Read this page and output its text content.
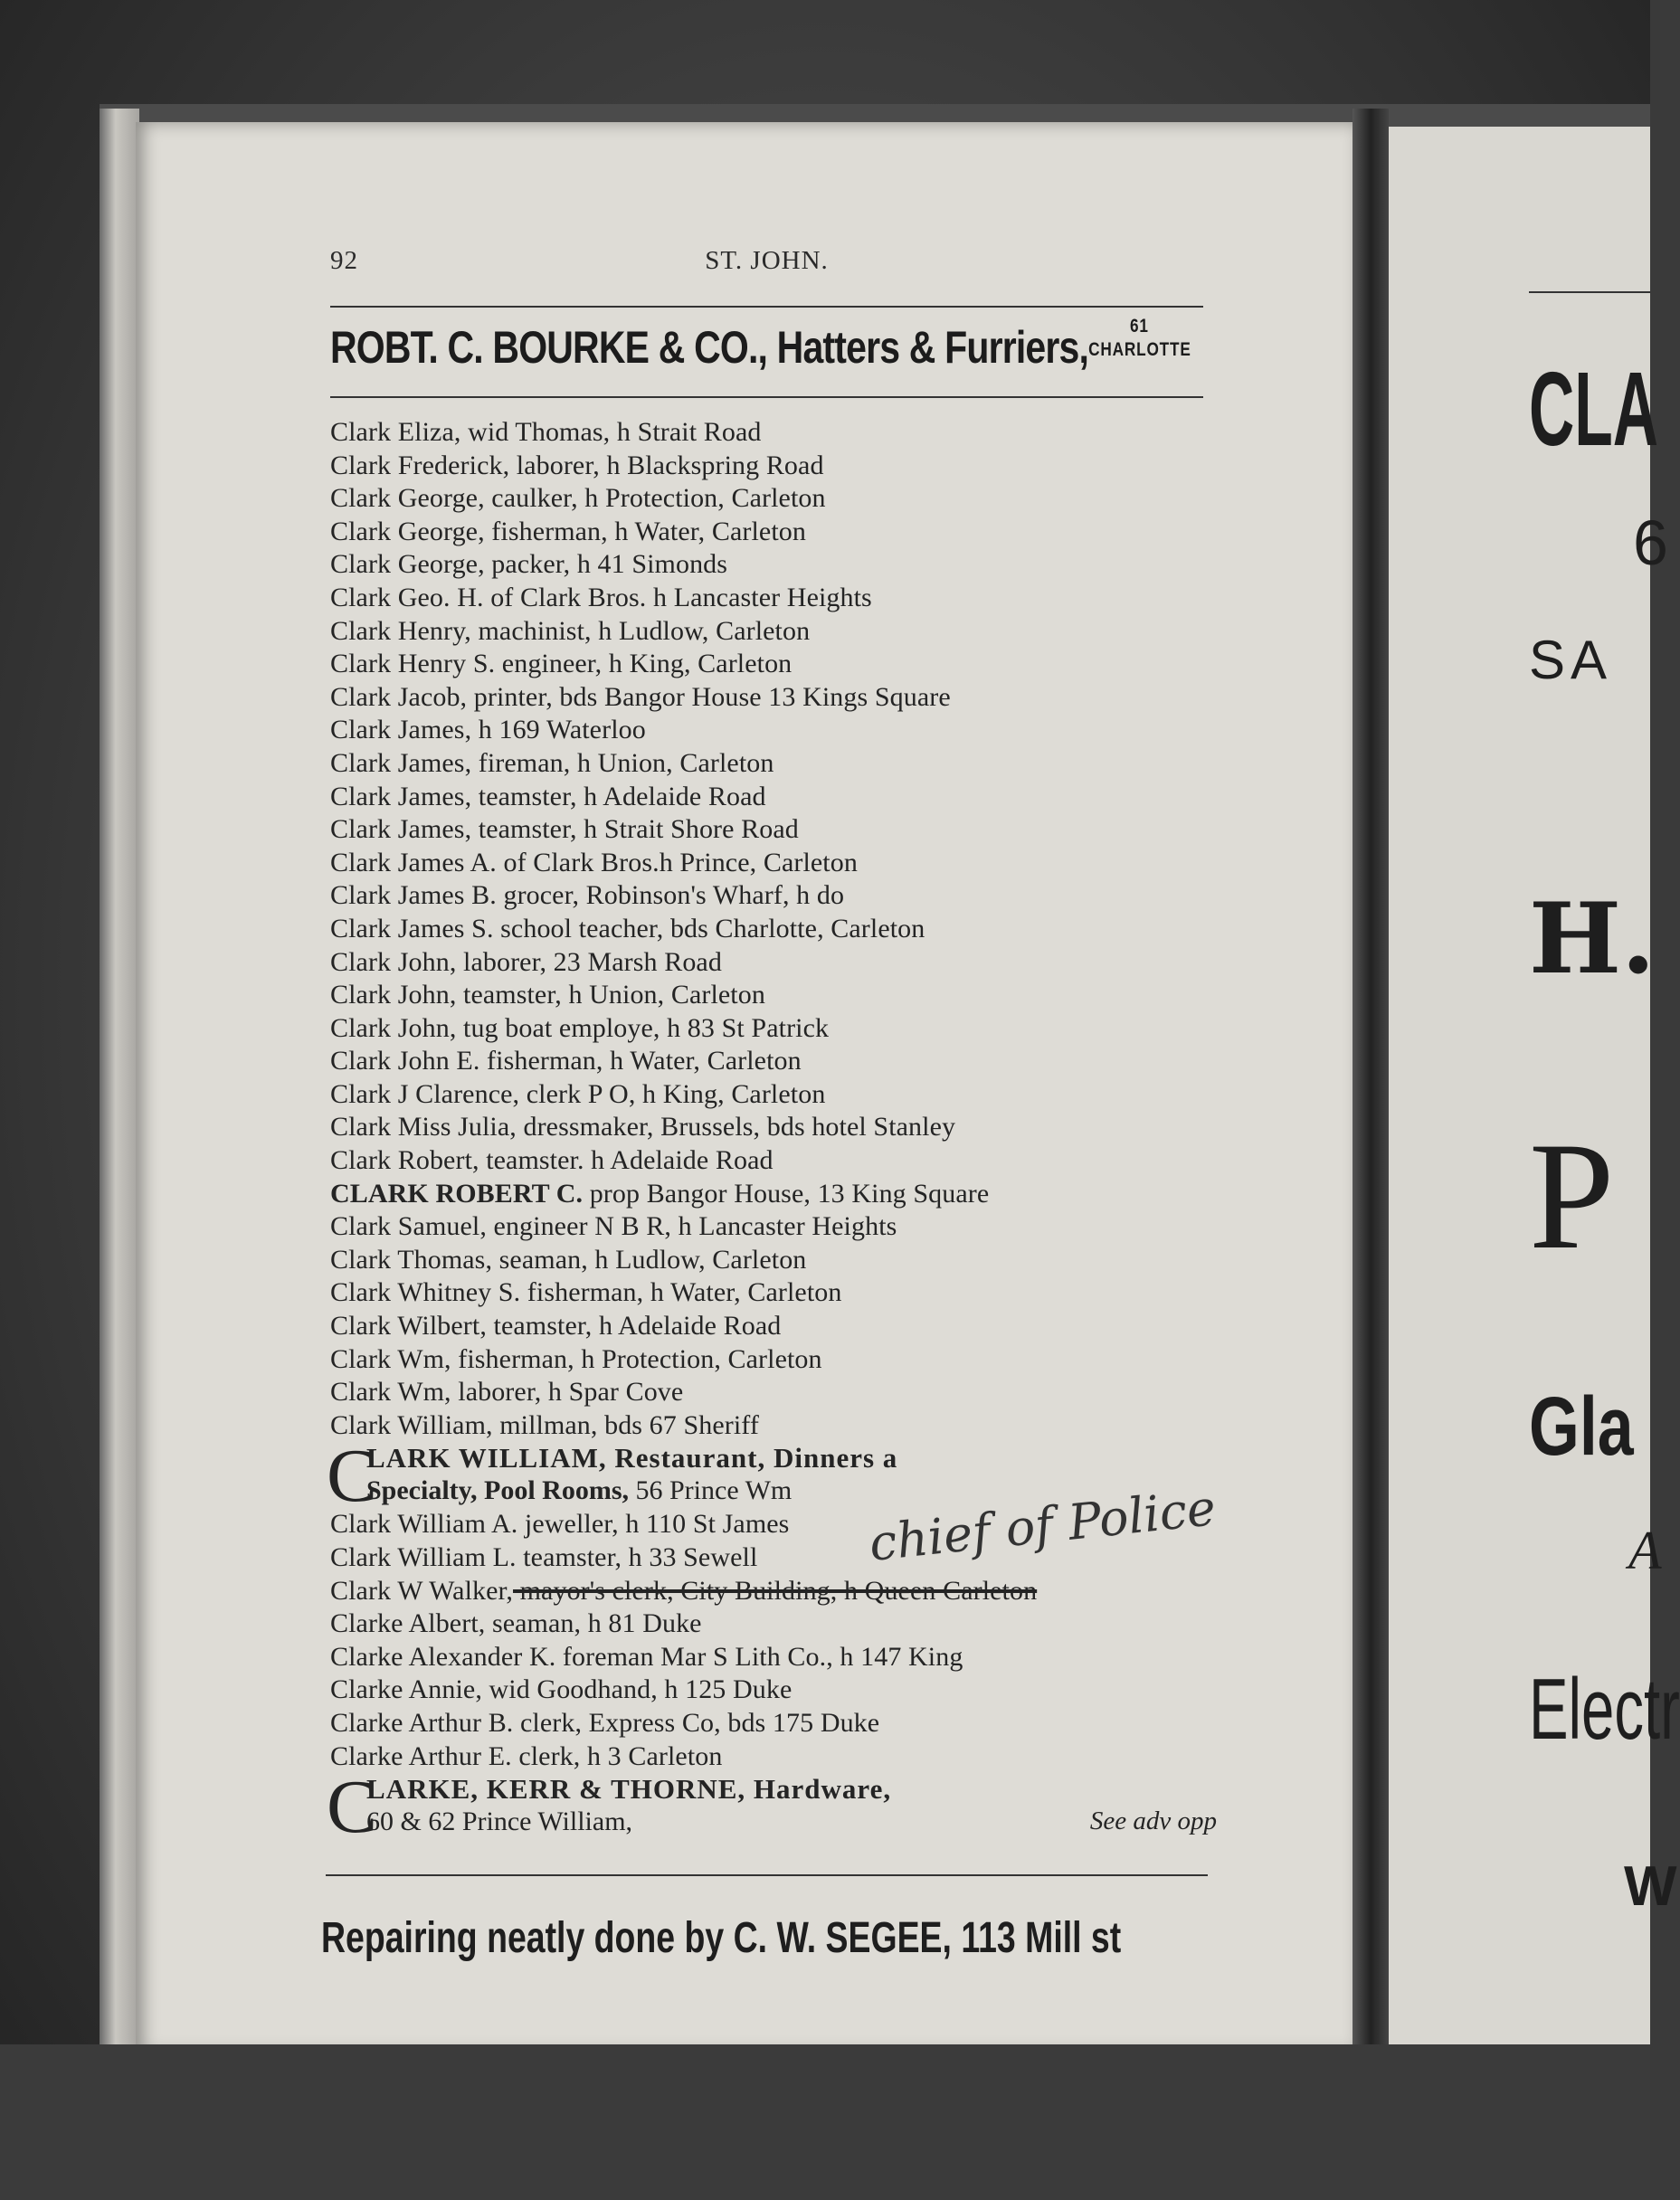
92	ST. JOHN.
ROBT. C. BOURKE & CO., Hatters & Furriers, 61
CHARLOTTE
Clark Eliza, wid Thomas, h Strait Road
Clark Frederick, laborer, h Blackspring Road
Clark George, caulker, h Protection, Carleton
Clark George, fisherman, h Water, Carleton
Clark George, packer, h 41 Simonds
Clark Geo. H. of Clark Bros. h Lancaster Heights
Clark Henry, machinist, h Ludlow, Carleton
Clark Henry S. engineer, h King, Carleton
Clark Jacob, printer, bds Bangor House 13 Kings Square
Clark James, h 169 Waterloo
Clark James, fireman, h Union, Carleton
Clark James, teamster, h Adelaide Road
Clark James, teamster, h Strait Shore Road
Clark James A. of Clark Bros.h Prince, Carleton
Clark James B. grocer, Robinson's Wharf, h do
Clark James S. school teacher, bds Charlotte, Carleton
Clark John, laborer, 23 Marsh Road
Clark John, teamster, h Union, Carleton
Clark John, tug boat employe, h 83 St Patrick
Clark John E. fisherman, h Water, Carleton
Clark J Clarence, clerk P O, h King, Carleton
Clark Miss Julia, dressmaker, Brussels, bds hotel Stanley
Clark Robert, teamster. h Adelaide Road
CLARK ROBERT C. prop Bangor House, 13 King Square
Clark Samuel, engineer N B R, h Lancaster Heights
Clark Thomas, seaman, h Ludlow, Carleton
Clark Whitney S. fisherman, h Water, Carleton
Clark Wilbert, teamster, h Adelaide Road
Clark Wm, fisherman, h Protection, Carleton
Clark Wm, laborer, h Spar Cove
Clark William, millman, bds 67 Sheriff
C
LARK WILLIAM, Restaurant, Dinners a
Specialty, Pool Rooms, 56 Prince Wm
Clark William A. jeweller, h 110 St James
Clark William L. teamster, h 33 Sewell
Clark W Walker, mayor's clerk, City Building, h Queen Carleton
Clarke Albert, seaman, h 81 Duke
Clarke Alexander K. foreman Mar S Lith Co., h 147 King
Clarke Annie, wid Goodhand, h 125 Duke
Clarke Arthur B. clerk, Express Co, bds 175 Duke
Clarke Arthur E. clerk, h 3 Carleton
C
LARKE, KERR & THORNE, Hardware,
60 & 62 Prince William,	See adv opp
chief of Police
Repairing neatly done by C. W. SEGEE, 113 Mill st
CLA
6
SA
H.
P
Gla
A
Electr
W
